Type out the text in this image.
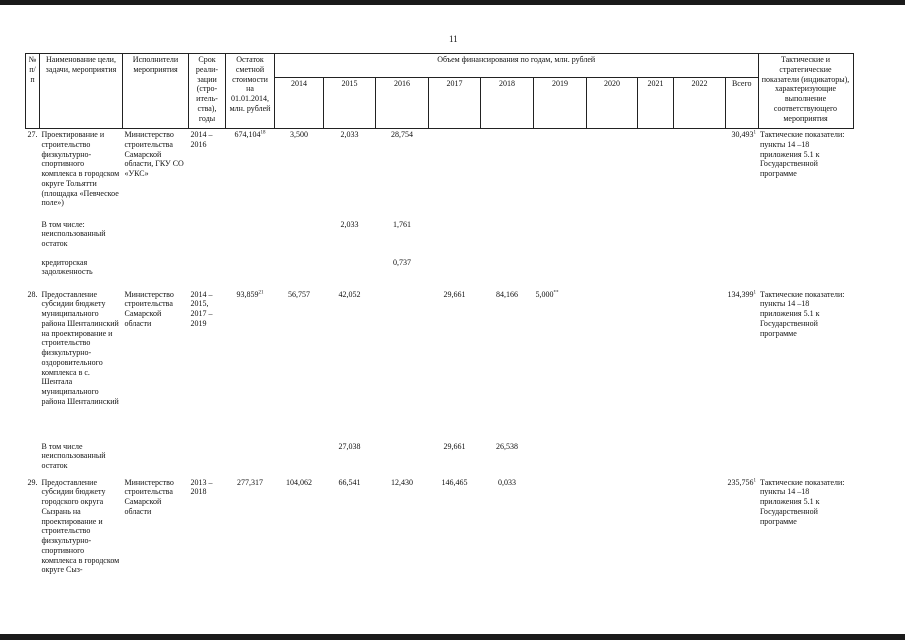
11
№ п/п	Наименование цели, задачи, мероприятия	Исполнители мероприятия	Срок реали-зации (стро-итель-ства), годы	Остаток сметной стоимости на 01.01.2014, млн. рублей	Объем финансирования по годам, млн. рублей										Тактические и стратегические показатели (индикаторы), характеризующие выполнение соответствующего мероприятия
					2014	2015	2016	2017	2018	2019	2020	2021	2022	Всего	
27.	Проектирование и строительство физкультурно-спортивного комплекса в городском округе Тольятти (площадка «Певческое поле»)	Министерство строительства Самарской области, ГКУ СО «УКС»	2014 – 2016	674,104$^{18}$	3,500	2,033	28,754							30,493$^1$	Тактические показатели: пункты 14 –18 приложения 5.1 к Государственной программе
	В том числе: неиспользованный остаток					2,033	1,761								
	кредиторская задолженность						0,737								
28.	Предоставление субсидии бюджету муниципального района Шенталинский на проектирование и строительство физкультурно-оздоровительного комплекса в с. Шентала муниципального района Шенталинский	Министерство строительства Самарской области	2014 – 2015, 2017 – 2019	93,859$^{21}$	56,757	42,052		29,661	84,166	5,000**				134,399$^1$	Тактические показатели: пункты 14 –18 приложения 5.1 к Государственной программе
	В том числе неиспользованный остаток					27,038		29,661	26,538						
29.	Предоставление субсидии бюджету городского округа Сызрань на проектирование и строительство физкультурно-спортивного комплекса в городском округе Сыз-	Министерство строительства Самарской области	2013 – 2018	277,317	104,062	66,541	12,430	146,465	0,033					235,756$^1$	Тактические показатели: пункты 14 –18 приложения 5.1 к Государственной программе
